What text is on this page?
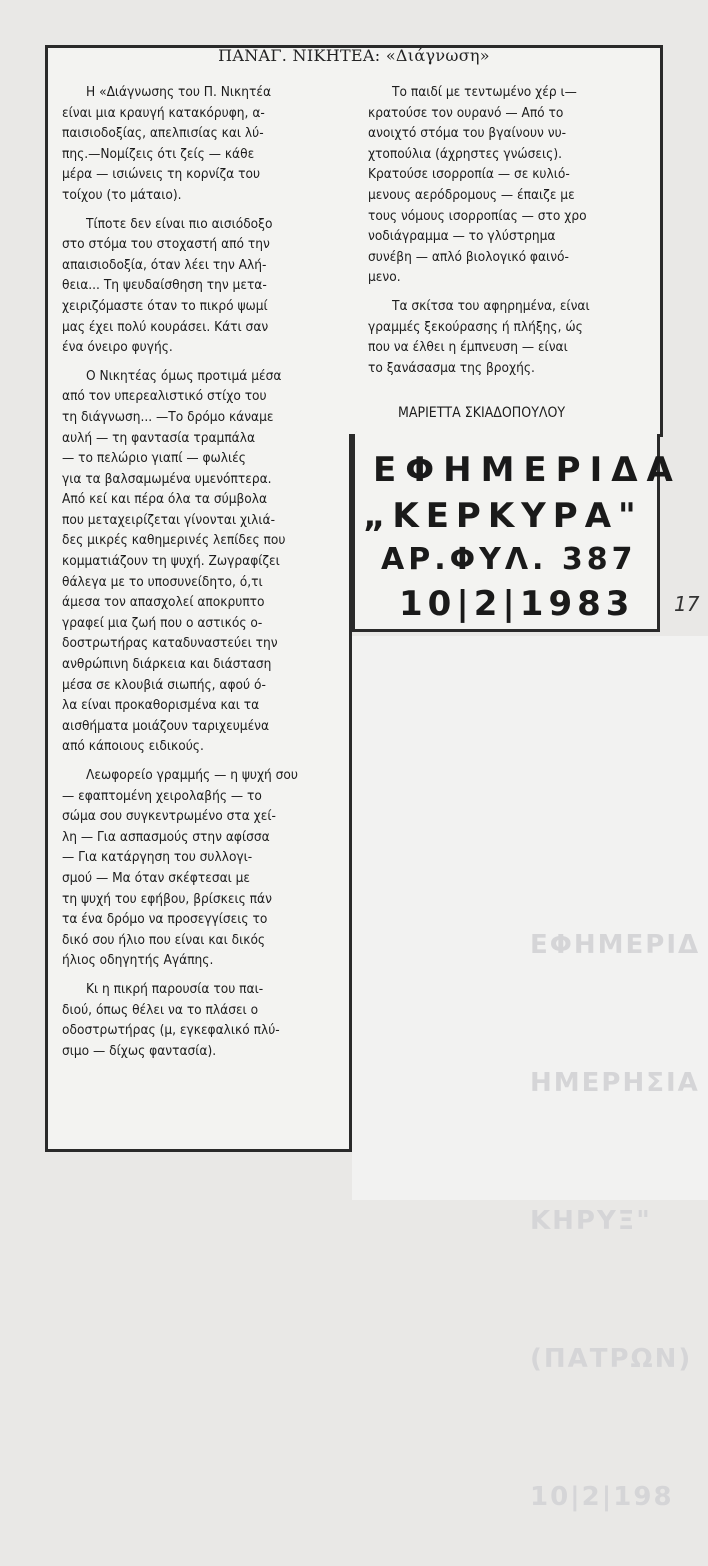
ΕΦΗΜΕΡΙΔ

ΗΜΕΡΗΣΙΑ

ΚΗΡΥΞ"

(ΠΑΤΡΩΝ)

10|2|198

ΠΑΝΑΓ. ΝΙΚΗΤΕΑ: «Διάγνωση»
Η «Διάγνωσης του Π. Νικητέα
είναι μια κραυγή κατακόρυφη, α-
παισιοδοξίας, απελπισίας και λύ-
πης.—Νομίζεις ότι ζείς — κάθε
μέρα — ισιώνεις τη κορνίζα του
τοίχου (το μάταιο).
Τίποτε δεν είναι πιο αισιόδοξο
στο στόμα του στοχαστή από την
απαισιοδοξία, όταν λέει την Αλή-
θεια... Τη ψευδαίσθηση την μετα-
χειριζόμαστε όταν το πικρό ψωμί
μας έχει πολύ κουράσει. Κάτι σαν
ένα όνειρο φυγής.
Ο Νικητέας όμως προτιμά μέσα
από τον υπερεαλιστικό στίχο του
τη διάγνωση... —Το δρόμο κάναμε
αυλή — τη φαντασία τραμπάλα
— το πελώριο γιαπί — φωλιές
για τα βαλσαμωμένα υμενόπτερα.
Από κεί και πέρα όλα τα σύμβολα
που μεταχειρίζεται γίνονται χιλιά-
δες μικρές καθημερινές λεπίδες που
κομματιάζουν τη ψυχή. Ζωγραφίζει
θάλεγα με το υποσυνείδητο, ό,τι
άμεσα τον απασχολεί αποκρυπτο
γραφεί μια ζωή που ο αστικός ο-
δοστρωτήρας καταδυναστεύει την
ανθρώπινη διάρκεια και διάσταση
μέσα σε κλουβιά σιωπής, αφού ό-
λα είναι προκαθορισμένα και τα
αισθήματα μοιάζουν ταριχευμένα
από κάποιους ειδικούς.
Λεωφορείο γραμμής — η ψυχή σου
— εφαπτομένη χειρολαβής — το
σώμα σου συγκεντρωμένο στα χεί-
λη — Για ασπασμούς στην αφίσσα
— Για κατάργηση του συλλογι-
σμού — Μα όταν σκέφτεσαι με
τη ψυχή του εφήβου, βρίσκεις πάν
τα ένα δρόμο να προσεγγίσεις το
δικό σου ήλιο που είναι και δικός
ήλιος οδηγητής Αγάπης.
Κι η πικρή παρουσία του παι-
διού, όπως θέλει να το πλάσει ο
οδοστρωτήρας (μ, εγκεφαλικό πλύ-
σιμο — δίχως φαντασία).
Το παιδί με τεντωμένο χέρ ι—
κρατούσε τον ουρανό — Από το
ανοιχτό στόμα του βγαίνουν νυ-
χτοπούλια (άχρηστες γνώσεις).
Κρατούσε ισορροπία — σε κυλιό-
μενους αερόδρομους — έπαιζε με
τους νόμους ισορροπίας — στο χρο
νοδιάγραμμα — το γλύστρημα
συνέβη — απλό βιολογικό φαινό-
μενο.
Τα σκίτσα του αφηρημένα, είναι
γραμμές ξεκούρασης ή πλήξης, ώς
που να έλθει η έμπνευση — είναι
το ξανάσασμα της βροχής.
ΜΑΡΙΕΤΤΑ ΣΚΙΑΔΟΠΟΥΛΟΥ
ΕΦΗΜΕΡΙΔΑ
„ΚΕΡΚΥΡΑ"
ΑΡ.ΦΥΛ. 387
10|2|1983 17
